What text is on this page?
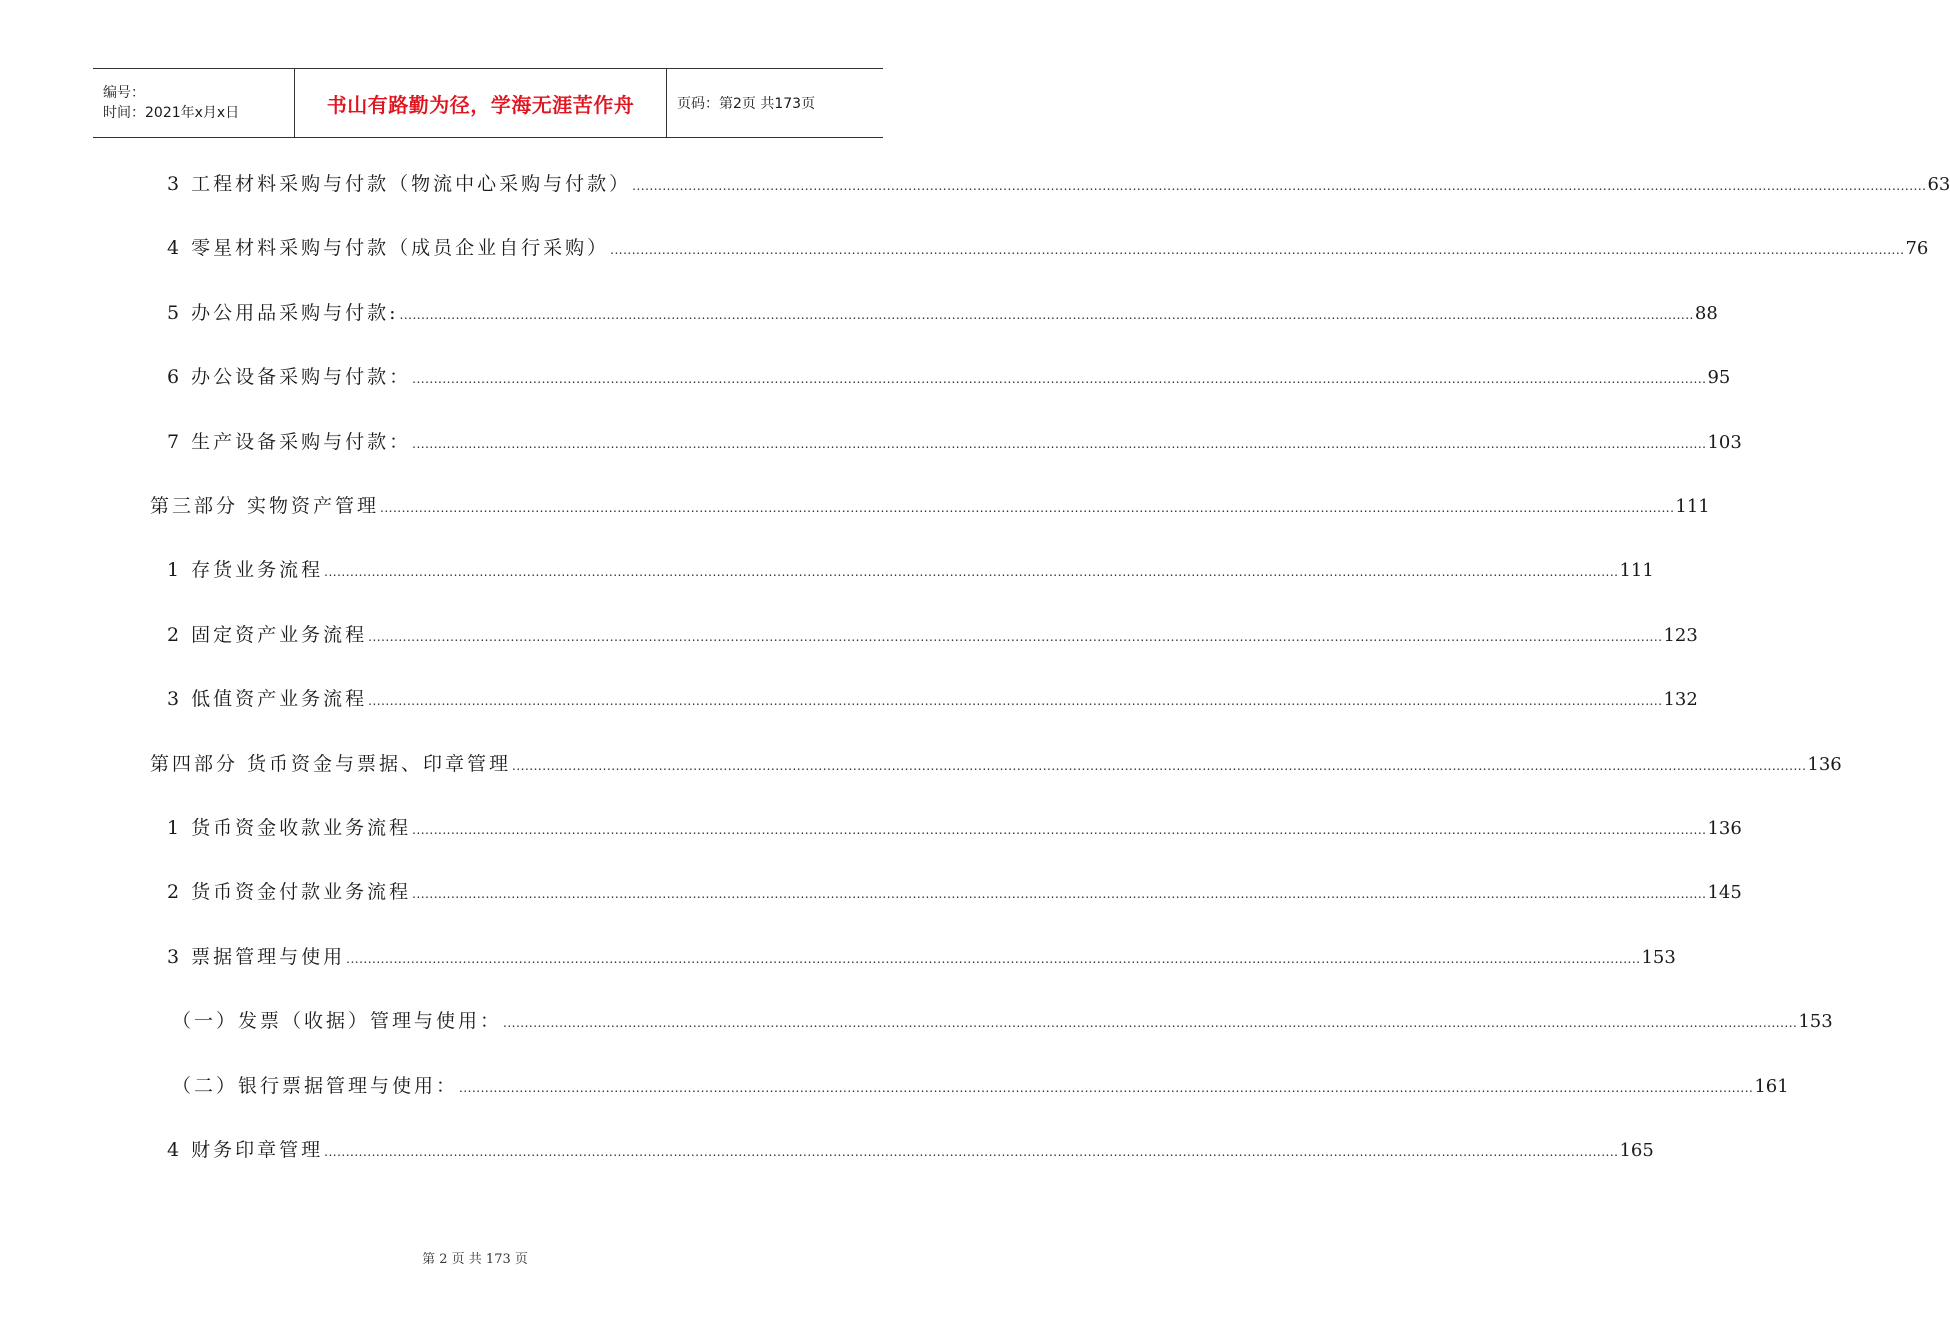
编号：
时间：2021年x月x日	书山有路勤为径，学海无涯苦作舟	页码：第2页 共173页
3 工程材料采购与付款（物流中心采购与付款） ............................................................................................................................................................................................................................................................................................................ 63
4 零星材料采购与付款（成员企业自行采购） ............................................................................................................................................................................................................................................................................................................ 76
5 办公用品采购与付款: ............................................................................................................................................................................................................................................................................................................ 88
6 办公设备采购与付款： ............................................................................................................................................................................................................................................................................................................ 95
7 生产设备采购与付款： ............................................................................................................................................................................................................................................................................................................ 103
第三部分 实物资产管理 ............................................................................................................................................................................................................................................................................................................ 111
1 存货业务流程 ............................................................................................................................................................................................................................................................................................................ 111
2 固定资产业务流程 ............................................................................................................................................................................................................................................................................................................ 123
3 低值资产业务流程 ............................................................................................................................................................................................................................................................................................................ 132
第四部分 货币资金与票据、印章管理 ............................................................................................................................................................................................................................................................................................................ 136
1 货币资金收款业务流程 ............................................................................................................................................................................................................................................................................................................ 136
2 货币资金付款业务流程 ............................................................................................................................................................................................................................................................................................................ 145
3 票据管理与使用 ............................................................................................................................................................................................................................................................................................................ 153
（一）发票（收据）管理与使用： ............................................................................................................................................................................................................................................................................................................ 153
（二）银行票据管理与使用： ............................................................................................................................................................................................................................................................................................................ 161
4 财务印章管理 ............................................................................................................................................................................................................................................................................................................ 165
第 2 页 共 173 页
